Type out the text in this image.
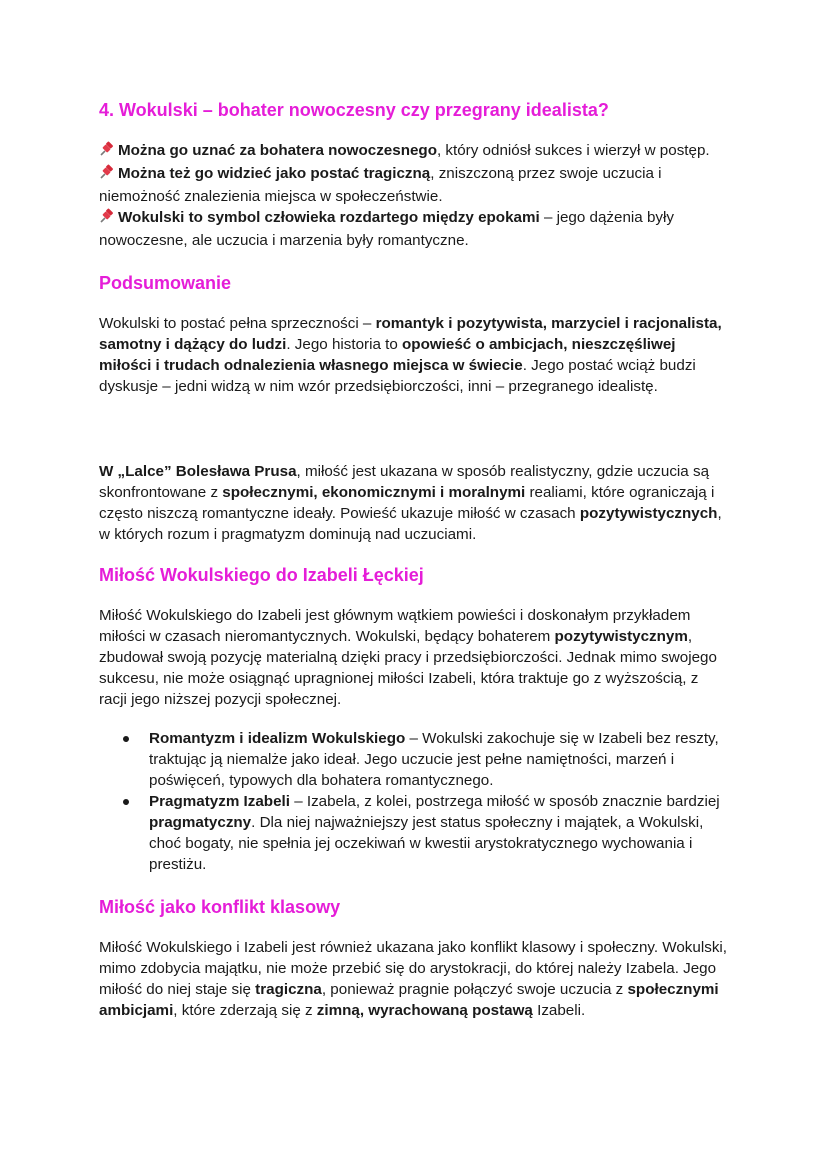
4. Wokulski – bohater nowoczesny czy przegrany idealista?

Można go uznać za bohatera nowoczesnego, który odniósł sukces i wierzył w postęp.

Można też go widzieć jako postać tragiczną, zniszczoną przez swoje uczucia i niemożność znalezienia miejsca w społeczeństwie.

Wokulski to symbol człowieka rozdartego między epokami – jego dążenia były nowoczesne, ale uczucia i marzenia były romantyczne.

Podsumowanie

Wokulski to postać pełna sprzeczności – romantyk i pozytywista, marzyciel i racjonalista, samotny i dążący do ludzi. Jego historia to opowieść o ambicjach, nieszczęśliwej miłości i trudach odnalezienia własnego miejsca w świecie. Jego postać wciąż budzi dyskusje – jedni widzą w nim wzór przedsiębiorczości, inni – przegranego idealistę.

W „Lalce” Bolesława Prusa, miłość jest ukazana w sposób realistyczny, gdzie uczucia są skonfrontowane z społecznymi, ekonomicznymi i moralnymi realiami, które ograniczają i często niszczą romantyczne ideały. Powieść ukazuje miłość w czasach pozytywistycznych, w których rozum i pragmatyzm dominują nad uczuciami.

Miłość Wokulskiego do Izabeli Łęckiej

Miłość Wokulskiego do Izabeli jest głównym wątkiem powieści i doskonałym przykładem miłości w czasach nieromantycznych. Wokulski, będący bohaterem pozytywistycznym, zbudował swoją pozycję materialną dzięki pracy i przedsiębiorczości. Jednak mimo swojego sukcesu, nie może osiągnąć upragnionej miłości Izabeli, która traktuje go z wyższością, z racji jego niższej pozycji społecznej.

Romantyzm i idealizm Wokulskiego – Wokulski zakochuje się w Izabeli bez reszty, traktując ją niemalże jako ideał. Jego uczucie jest pełne namiętności, marzeń i poświęceń, typowych dla bohatera romantycznego.
Pragmatyzm Izabeli – Izabela, z kolei, postrzega miłość w sposób znacznie bardziej pragmatyczny. Dla niej najważniejszy jest status społeczny i majątek, a Wokulski, choć bogaty, nie spełnia jej oczekiwań w kwestii arystokratycznego wychowania i prestiżu.
Miłość jako konflikt klasowy

Miłość Wokulskiego i Izabeli jest również ukazana jako konflikt klasowy i społeczny. Wokulski, mimo zdobycia majątku, nie może przebić się do arystokracji, do której należy Izabela. Jego miłość do niej staje się tragiczna, ponieważ pragnie połączyć swoje uczucia z społecznymi ambicjami, które zderzają się z zimną, wyrachowaną postawą Izabeli.
